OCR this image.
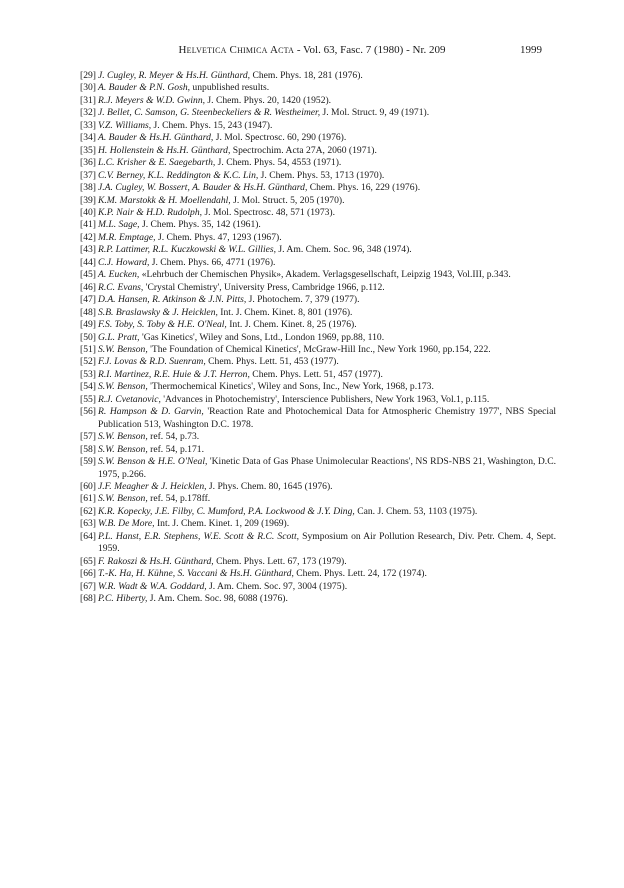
Helvetica Chimica Acta - Vol. 63, Fasc. 7 (1980) - Nr. 209	1999
[29] J. Cugley, R. Meyer & Hs.H. Günthard, Chem. Phys. 18, 281 (1976).
[30] A. Bauder & P.N. Gosh, unpublished results.
[31] R.J. Meyers & W.D. Gwinn, J. Chem. Phys. 20, 1420 (1952).
[32] J. Bellet, C. Samson, G. Steenbeckeliers & R. Westheimer, J. Mol. Struct. 9, 49 (1971).
[33] V.Z. Williams, J. Chem. Phys. 15, 243 (1947).
[34] A. Bauder & Hs.H. Günthard, J. Mol. Spectrosc. 60, 290 (1976).
[35] H. Hollenstein & Hs.H. Günthard, Spectrochim. Acta 27A, 2060 (1971).
[36] L.C. Krisher & E. Saegebarth, J. Chem. Phys. 54, 4553 (1971).
[37] C.V. Berney, K.L. Reddington & K.C. Lin, J. Chem. Phys. 53, 1713 (1970).
[38] J.A. Cugley, W. Bossert, A. Bauder & Hs.H. Günthard, Chem. Phys. 16, 229 (1976).
[39] K.M. Marstokk & H. Moellendahl, J. Mol. Struct. 5, 205 (1970).
[40] K.P. Nair & H.D. Rudolph, J. Mol. Spectrosc. 48, 571 (1973).
[41] M.L. Sage, J. Chem. Phys. 35, 142 (1961).
[42] M.R. Emptage, J. Chem. Phys. 47, 1293 (1967).
[43] R.P. Lattimer, R.L. Kuczkowski & W.L. Gillies, J. Am. Chem. Soc. 96, 348 (1974).
[44] C.J. Howard, J. Chem. Phys. 66, 4771 (1976).
[45] A. Eucken, «Lehrbuch der Chemischen Physik», Akadem. Verlagsgesellschaft, Leipzig 1943, Vol.III, p.343.
[46] R.C. Evans, 'Crystal Chemistry', University Press, Cambridge 1966, p.112.
[47] D.A. Hansen, R. Atkinson & J.N. Pitts, J. Photochem. 7, 379 (1977).
[48] S.B. Braslawsky & J. Heicklen, Int. J. Chem. Kinet. 8, 801 (1976).
[49] F.S. Toby, S. Toby & H.E. O'Neal, Int. J. Chem. Kinet. 8, 25 (1976).
[50] G.L. Pratt, 'Gas Kinetics', Wiley and Sons, Ltd., London 1969, pp.88, 110.
[51] S.W. Benson, 'The Foundation of Chemical Kinetics', McGraw-Hill Inc., New York 1960, pp.154, 222.
[52] F.J. Lovas & R.D. Suenram, Chem. Phys. Lett. 51, 453 (1977).
[53] R.I. Martinez, R.E. Huie & J.T. Herron, Chem. Phys. Lett. 51, 457 (1977).
[54] S.W. Benson, 'Thermochemical Kinetics', Wiley and Sons, Inc., New York, 1968, p.173.
[55] R.J. Cvetanovic, 'Advances in Photochemistry', Interscience Publishers, New York 1963, Vol.1, p.115.
[56] R. Hampson & D. Garvin, 'Reaction Rate and Photochemical Data for Atmospheric Chemistry 1977', NBS Special Publication 513, Washington D.C. 1978.
[57] S.W. Benson, ref. 54, p.73.
[58] S.W. Benson, ref. 54, p.171.
[59] S.W. Benson & H.E. O'Neal, 'Kinetic Data of Gas Phase Unimolecular Reactions', NS RDS-NBS 21, Washington, D.C. 1975, p.266.
[60] J.F. Meagher & J. Heicklen, J. Phys. Chem. 80, 1645 (1976).
[61] S.W. Benson, ref. 54, p.178ff.
[62] K.R. Kopecky, J.E. Filby, C. Mumford, P.A. Lockwood & J.Y. Ding, Can. J. Chem. 53, 1103 (1975).
[63] W.B. De More, Int. J. Chem. Kinet. 1, 209 (1969).
[64] P.L. Hanst, E.R. Stephens, W.E. Scott & R.C. Scott, Symposium on Air Pollution Research, Div. Petr. Chem. 4, Sept. 1959.
[65] F. Rakoszi & Hs.H. Günthard, Chem. Phys. Lett. 67, 173 (1979).
[66] T.-K. Ha, H. Kühne, S. Vaccani & Hs.H. Günthard, Chem. Phys. Lett. 24, 172 (1974).
[67] W.R. Wadt & W.A. Goddard, J. Am. Chem. Soc. 97, 3004 (1975).
[68] P.C. Hiberty, J. Am. Chem. Soc. 98, 6088 (1976).
